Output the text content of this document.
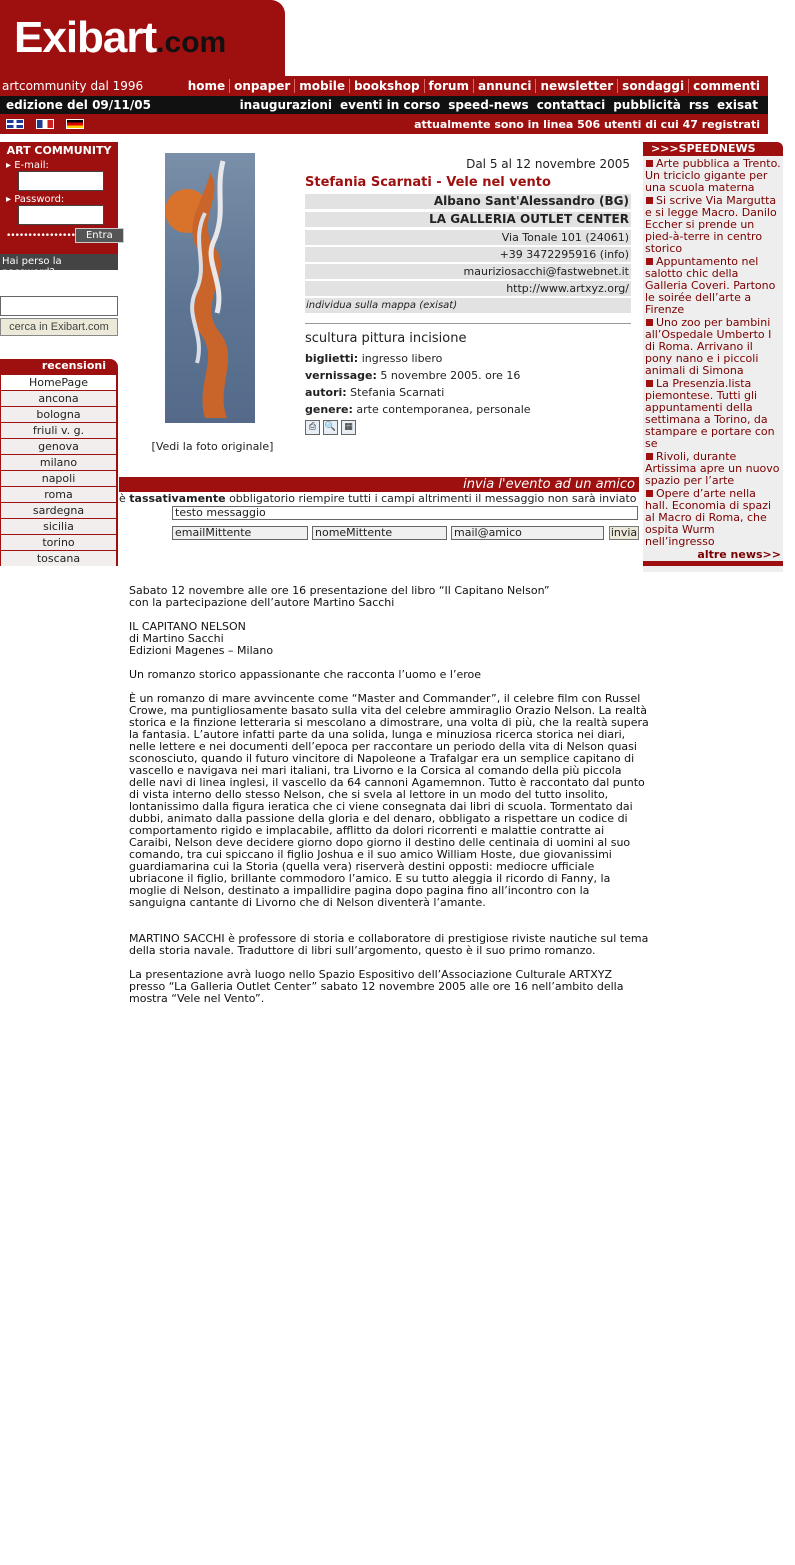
Exibart.com
artcommunity dal 1996	home onpaper mobile bookshop forum annunci newsletter sondaggi commenti
edizione del 09/11/05	inaugurazioni eventi in corso speed-news contattaci pubblicità rss exisat
attualmente sono in linea 506 utenti di cui 47 registrati
ART COMMUNITY
▸ E-mail:
▸ Password:
••••••••••••••••	Entra
Hai perso la password?
cerca in Exibart.com
recensioni
HomePage
ancona
bologna
friuli v. g.
genova
milano
napoli
roma
sardegna
sicilia
torino
toscana
[Vedi la foto originale]
Dal 5 al 12 novembre 2005
Stefania Scarnati - Vele nel vento
Albano Sant'Alessandro (BG)
LA GALLERIA OUTLET CENTER
Via Tonale 101 (24061)
+39 3472295916 (info)
mauriziosacchi@fastwebnet.it
http://www.artxyz.org/
individua sulla mappa (exisat)
scultura pittura incisione
biglietti: ingresso libero
vernissage: 5 novembre 2005. ore 16
autori: Stefania Scarnati
genere: arte contemporanea, personale
⎙ 🔍 ▦
invia l'evento ad un amico
è tassativamente obbligatorio riempire tutti i campi altrimenti il messaggio non sarà inviato
testo messaggio
emailMittente	nomeMittente	mail@amico	invia
>>>SPEEDNEWS
Arte pubblica a Trento. Un triciclo gigante per una scuola materna
Si scrive Via Margutta e si legge Macro. Danilo Eccher si prende un pied-à-terre in centro storico
Appuntamento nel salotto chic della Galleria Coveri. Partono le soirée dell’arte a Firenze
Uno zoo per bambini all’Ospedale Umberto I di Roma. Arrivano il pony nano e i piccoli animali di Simona
La Presenzia.lista piemontese. Tutti gli appuntamenti della settimana a Torino, da stampare e portare con se
Rivoli, durante Artissima apre un nuovo spazio per l’arte
Opere d’arte nella hall. Economia di spazi al Macro di Roma, che ospita Wurm nell’ingresso
altre news>>

Sabato 12 novembre alle ore 16 presentazione del libro “Il Capitano Nelson”
con la partecipazione dell’autore Martino Sacchi

IL CAPITANO NELSON
di Martino Sacchi
Edizioni Magenes – Milano

Un romanzo storico appassionante che racconta l’uomo e l’eroe

È un romanzo di mare avvincente come “Master and Commander”, il celebre film con Russel Crowe, ma puntigliosamente basato sulla vita del celebre ammiraglio Orazio Nelson. La realtà storica e la finzione letteraria si mescolano a dimostrare, una volta di più, che la realtà supera la fantasia. L’autore infatti parte da una solida, lunga e minuziosa ricerca storica nei diari, nelle lettere e nei documenti dell’epoca per raccontare un periodo della vita di Nelson quasi sconosciuto, quando il futuro vincitore di Napoleone a Trafalgar era un semplice capitano di vascello e navigava nei mari italiani, tra Livorno e la Corsica al comando della più piccola delle navi di linea inglesi, il vascello da 64 cannoni Agamemnon. Tutto è raccontato dal punto di vista interno dello stesso Nelson, che si svela al lettore in un modo del tutto insolito, lontanissimo dalla figura ieratica che ci viene consegnata dai libri di scuola. Tormentato dai dubbi, animato dalla passione della gloria e del denaro, obbligato a rispettare un codice di comportamento rigido e implacabile, afflitto da dolori ricorrenti e malattie contratte ai Caraibi, Nelson deve decidere giorno dopo giorno il destino delle centinaia di uomini al suo comando, tra cui spiccano il figlio Joshua e il suo amico William Hoste, due giovanissimi guardiamarina cui la Storia (quella vera) riserverà destini opposti: mediocre ufficiale ubriacone il figlio, brillante commodoro l’amico. E su tutto aleggia il ricordo di Fanny, la moglie di Nelson, destinato a impallidire pagina dopo pagina fino all’incontro con la sanguigna cantante di Livorno che di Nelson diventerà l’amante.

MARTINO SACCHI è professore di storia e collaboratore di prestigiose riviste nautiche sul tema della storia navale. Traduttore di libri sull’argomento, questo è il suo primo romanzo.

La presentazione avrà luogo nello Spazio Espositivo dell’Associazione Culturale ARTXYZ presso “La Galleria Outlet Center” sabato 12 novembre 2005 alle ore 16 nell’ambito della mostra “Vele nel Vento”.
